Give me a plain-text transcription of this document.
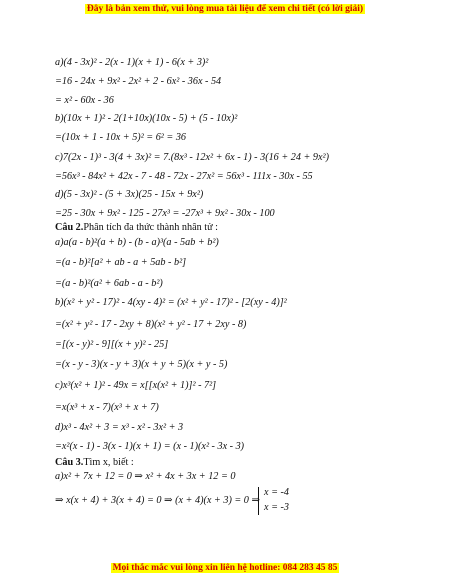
Đây là bản xem thử, vui lòng mua tài liệu để xem chi tiết (có lời giải)
a)(4 - 3x)² - 2(x - 1)(x + 1) - 6(x + 3)²
=16 - 24x + 9x² - 2x² + 2 - 6x² - 36x - 54
= x² - 60x - 36
b)(10x + 1)² - 2(1+10x)(10x - 5) + (5 - 10x)²
=(10x + 1 - 10x + 5)² = 6² = 36
c)7(2x - 1)³ - 3(4 + 3x)² = 7.(8x³ - 12x² + 6x - 1) - 3(16 + 24 + 9x²)
=56x³ - 84x² + 42x - 7 - 48 - 72x - 27x² = 56x³ - 111x - 30x - 55
d)(5 - 3x)² - (5 + 3x)(25 - 15x + 9x²)
=25 - 30x + 9x² - 125 - 27x³ = -27x³ + 9x² - 30x - 100
Câu 2.Phân tích đa thức thành nhân tử :
a)a(a - b)²(a + b) - (b - a)³(a - 5ab + b²)
=(a - b)²[a² + ab - a + 5ab - b²]
=(a - b)²(a² + 6ab - a - b²)
b)(x² + y² - 17)² - 4(xy - 4)² = (x² + y² - 17)² - [2(xy - 4)]²
=(x² + y² - 17 - 2xy + 8)(x² + y² - 17 + 2xy - 8)
=[(x - y)² - 9][(x + y)² - 25]
=(x - y - 3)(x - y + 3)(x + y + 5)(x + y - 5)
c)x³(x² + 1)² - 49x = x[[x(x² + 1)]² - 7²]
=x(x³ + x - 7)(x³ + x + 7)
d)x³ - 4x² + 3 = x³ - x² - 3x² + 3
=x²(x - 1) - 3(x - 1)(x + 1) = (x - 1)(x² - 3x - 3)
Câu 3.Tìm x, biết :
a)x² + 7x + 12 = 0 ⇒ x² + 4x + 3x + 12 = 0
⇒ x(x + 4) + 3(x + 4) = 0 ⇒ (x + 4)(x + 3) = 0 ⇒
x = -4
x = -3
Mọi thắc mắc vui lòng xin liên hệ hotline: 084 283 45 85
